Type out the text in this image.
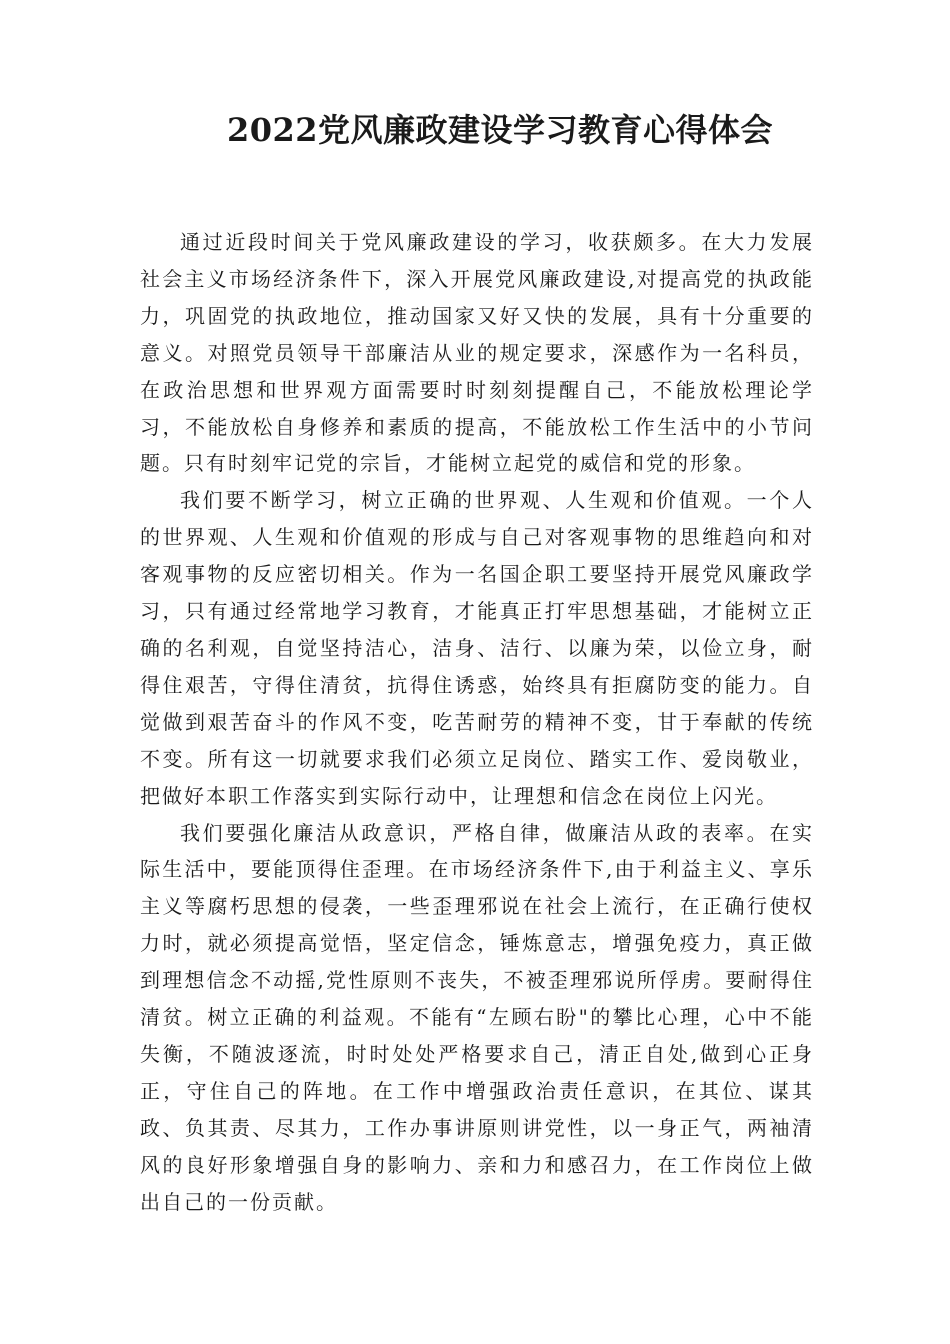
2022党风廉政建设学习教育心得体会

通过近段时间关于党风廉政建设的学习，收获颇多。在大力发展社会主义市场经济条件下，深入开展党风廉政建设,对提高党的执政能力，巩固党的执政地位，推动国家又好又快的发展，具有十分重要的意义。对照党员领导干部廉洁从业的规定要求，深感作为一名科员，在政治思想和世界观方面需要时时刻刻提醒自己，不能放松理论学习，不能放松自身修养和素质的提高，不能放松工作生活中的小节问题。只有时刻牢记党的宗旨，才能树立起党的威信和党的形象。

我们要不断学习，树立正确的世界观、人生观和价值观。一个人的世界观、人生观和价值观的形成与自己对客观事物的思维趋向和对客观事物的反应密切相关。作为一名国企职工要坚持开展党风廉政学习，只有通过经常地学习教育，才能真正打牢思想基础，才能树立正确的名利观，自觉坚持洁心，洁身、洁行、以廉为荣，以俭立身，耐得住艰苦，守得住清贫，抗得住诱惑，始终具有拒腐防变的能力。自觉做到艰苦奋斗的作风不变，吃苦耐劳的精神不变，甘于奉献的传统不变。所有这一切就要求我们必须立足岗位、踏实工作、爱岗敬业，把做好本职工作落实到实际行动中，让理想和信念在岗位上闪光。

我们要强化廉洁从政意识，严格自律，做廉洁从政的表率。在实际生活中，要能顶得住歪理。在市场经济条件下,由于利益主义、享乐主义等腐朽思想的侵袭，一些歪理邪说在社会上流行，在正确行使权力时，就必须提高觉悟，坚定信念，锤炼意志，增强免疫力，真正做到理想信念不动摇,党性原则不丧失，不被歪理邪说所俘虏。要耐得住清贫。树立正确的利益观。不能有“左顾右盼"的攀比心理，心中不能失衡，不随波逐流，时时处处严格要求自己，清正自处,做到心正身正，守住自己的阵地。在工作中增强政治责任意识，在其位、谋其政、负其责、尽其力，工作办事讲原则讲党性，以一身正气，两袖清风的良好形象增强自身的影响力、亲和力和感召力，在工作岗位上做出自己的一份贡献。
